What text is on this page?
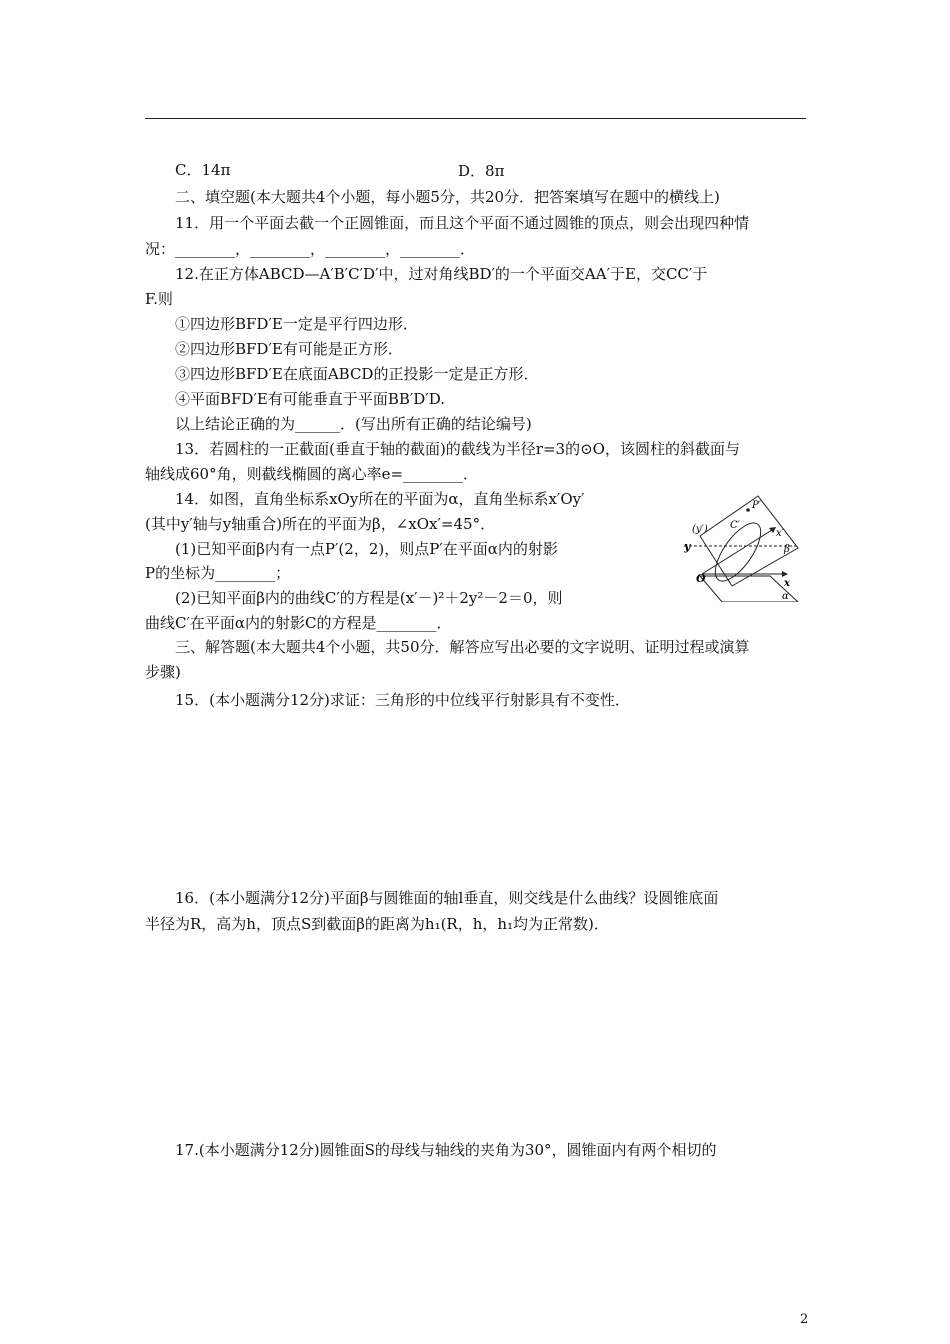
C．14π	D．8π
二、填空题(本大题共4个小题，每小题5分，共20分．把答案填写在题中的横线上)
11．用一个平面去截一个正圆锥面，而且这个平面不通过圆锥的顶点，则会出现四种情
况：________，________，________，________．
12.在正方体ABCD—A′B′C′D′中，过对角线BD′的一个平面交AA′于E，交CC′于
F.则
①四边形BFD′E一定是平行四边形．
②四边形BFD′E有可能是正方形．
③四边形BFD′E在底面ABCD的正投影一定是正方形．
④平面BFD′E有可能垂直于平面BB′D′D.
以上结论正确的为______．(写出所有正确的结论编号)
13．若圆柱的一正截面(垂直于轴的截面)的截线为半径r=3的⊙O，该圆柱的斜截面与
轴线成60°角，则截线椭圆的离心率e=________．
14．如图，直角坐标系xOy所在的平面为α，直角坐标系x′Oy′
(其中y′轴与y轴重合)所在的平面为β，∠xOx′=45°．
(1)已知平面β内有一点P′(2，2)，则点P′在平面α内的射影
P的坐标为________；
(2)已知平面β内的曲线C′的方程是(x′－)²＋2y²－2＝0，则
曲线C′在平面α内的射影C的方程是________．
y
(y′) C′
P′
x′
β
O	x
α
三、解答题(本大题共4个小题，共50分．解答应写出必要的文字说明、证明过程或演算
步骤)
15．(本小题满分12分)求证：三角形的中位线平行射影具有不变性．
16．(本小题满分12分)平面β与圆锥面的轴l垂直，则交线是什么曲线？设圆锥底面
半径为R，高为h，顶点S到截面β的距离为h₁(R，h，h₁均为正常数)．
17.(本小题满分12分)圆锥面S的母线与轴线的夹角为30°，圆锥面内有两个相切的
2
